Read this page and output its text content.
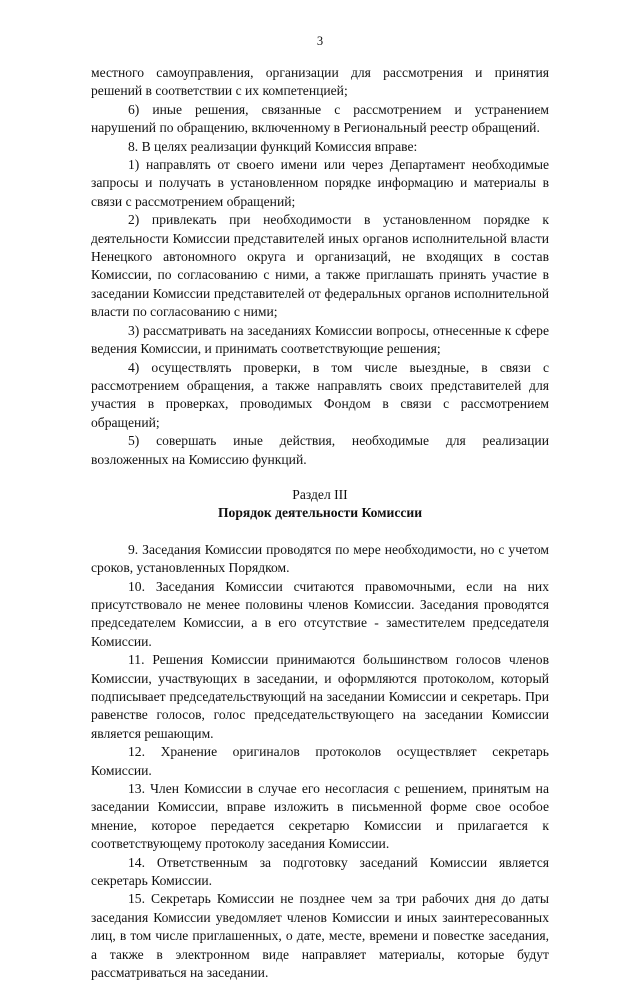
3

местного самоуправления, организации для рассмотрения и принятия решений в соответствии с их компетенцией;

6) иные решения, связанные с рассмотрением и устранением нарушений по обращению, включенному в Региональный реестр обращений.

8. В целях реализации функций Комиссия вправе:

1) направлять от своего имени или через Департамент необходимые запросы и получать в установленном порядке информацию и материалы в связи с рассмотрением обращений;

2) привлекать при необходимости в установленном порядке к деятельности Комиссии представителей иных органов исполнительной власти Ненецкого автономного округа и организаций, не входящих в состав Комиссии, по согласованию с ними, а также приглашать принять участие в заседании Комиссии представителей от федеральных органов исполнительной власти по согласованию с ними;

3) рассматривать на заседаниях Комиссии вопросы, отнесенные к сфере ведения Комиссии, и принимать соответствующие решения;

4) осуществлять проверки, в том числе выездные, в связи с рассмотрением обращения, а также направлять своих представителей для участия в проверках, проводимых Фондом в связи с рассмотрением обращений;

5) совершать иные действия, необходимые для реализации возложенных на Комиссию функций.

Раздел III

Порядок деятельности Комиссии

9. Заседания Комиссии проводятся по мере необходимости, но с учетом сроков, установленных Порядком.

10. Заседания Комиссии считаются правомочными, если на них присутствовало не менее половины членов Комиссии. Заседания проводятся председателем Комиссии, а в его отсутствие - заместителем председателя Комиссии.

11. Решения Комиссии принимаются большинством голосов членов Комиссии, участвующих в заседании, и оформляются протоколом, который подписывает председательствующий на заседании Комиссии и секретарь. При равенстве голосов, голос председательствующего на заседании Комиссии является решающим.

12. Хранение оригиналов протоколов осуществляет секретарь Комиссии.

13. Член Комиссии в случае его несогласия с решением, принятым на заседании Комиссии, вправе изложить в письменной форме свое особое мнение, которое передается секретарю Комиссии и прилагается к соответствующему протоколу заседания Комиссии.

14. Ответственным за подготовку заседаний Комиссии является секретарь Комиссии.

15. Секретарь Комиссии не позднее чем за три рабочих дня до даты заседания Комиссии уведомляет членов Комиссии и иных заинтересованных лиц, в том числе приглашенных, о дате, месте, времени и повестке заседания, а также в электронном виде направляет материалы, которые будут рассматриваться на заседании.
